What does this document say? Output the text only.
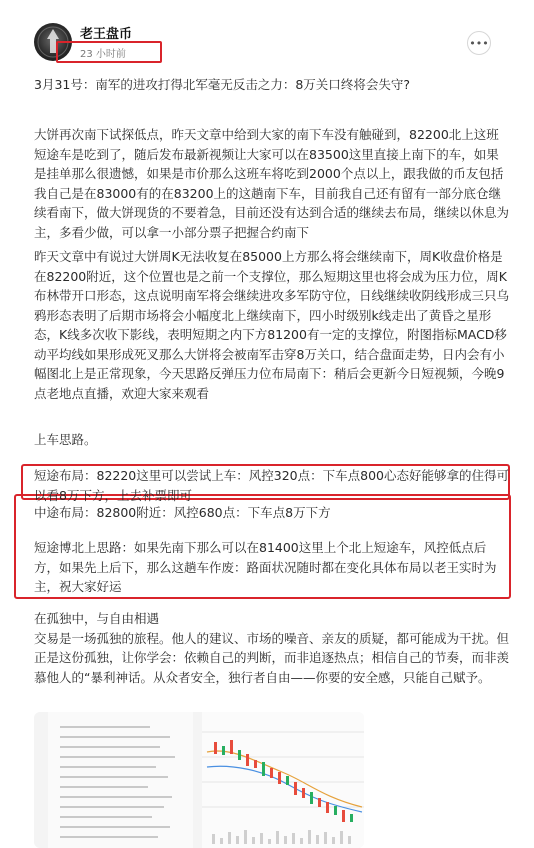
老王盘币
23 小时前
•••
3月31号：南军的进攻打得北军毫无反击之力：8万关口终将会失守?
大饼再次南下试探低点，昨天文章中给到大家的南下车没有触碰到，82200北上这班短途车是吃到了，随后发布最新视频让大家可以在83500这里直接上南下的车，如果是挂单那么很遗憾，如果是市价那么这班车将吃到2000个点以上，跟我做的币友包括我自己是在83000有的在83200上的这趟南下车，目前我自己还有留有一部分底仓继续看南下，做大饼现货的不要着急，目前还没有达到合适的继续去布局，继续以休息为主，多看少做，可以拿一小部分票子把握合约南下
昨天文章中有说过大饼周K无法收复在85000上方那么将会继续南下，周K收盘价格是在82200附近，这个位置也是之前一个支撑位，那么短期这里也将会成为压力位，周K布林带开口形态，这点说明南军将会继续进攻多军防守位，日线继续收阴线形成三只乌鸦形态表明了后期市场将会小幅度北上继续南下，四小时级别k线走出了黄昏之星形态，K线多次收下影线，表明短期之内下方81200有一定的支撑位，附图指标MACD移动平均线如果形成死叉那么大饼将会被南军击穿8万关口，结合盘面走势，日内会有小幅图北上是正常现象，今天思路反弹压力位布局南下：稍后会更新今日短视频，今晚9点老地点直播，欢迎大家来观看
上车思路。
短途布局：82220这里可以尝试上车：风控320点：下车点800心态好能够拿的住得可以看8万下方，上去补票即可
中途布局：82800附近：风控680点：下车点8万下方
短途博北上思路：如果先南下那么可以在81400这里上个北上短途车，风控低点后方，如果先上后下，那么这趟车作废：路面状况随时都在变化具体布局以老王实时为主，祝大家好运
在孤独中，与自由相遇
交易是一场孤独的旅程。他人的建议、市场的噪音、亲友的质疑，都可能成为干扰。但正是这份孤独，让你学会：依赖自己的判断，而非追逐热点；相信自己的节奏，而非羡慕他人的“暴利神话。从众者安全，独行者自由——你要的安全感，只能自己赋予。
